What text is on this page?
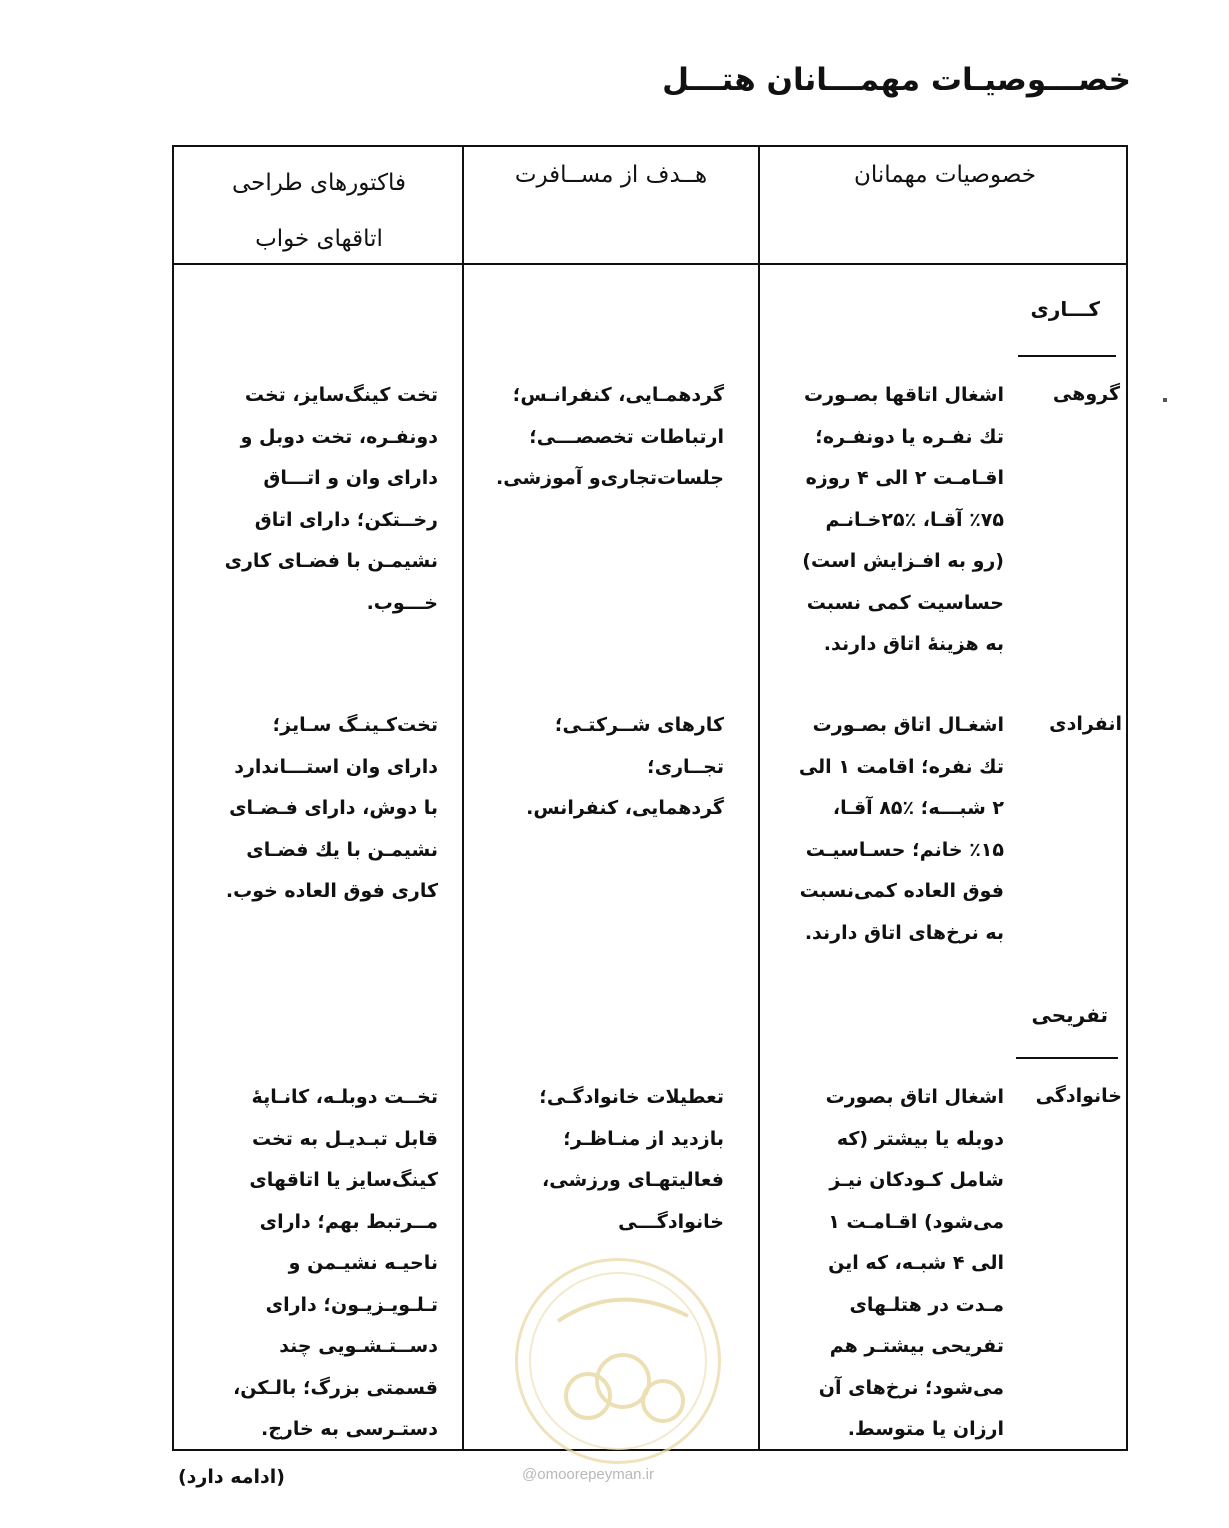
خصـــوصیـات مهمـــانان هتـــل
خصوصیات مهمانان
هــدف از مســافرت
فاکتورهای طراحی
اتاقهای خواب
کـــاری
گروهی
اشغال اتاقها بصـورت
تك نفـره یا دونفـره؛
اقـامـت ۲ الی ۴ روزه
٪۷۵ آقـا، ٪۲۵خـانـم
(رو به افـزایش است)
حساسیت کمی نسبت
به هزینهٔ اتاق دارند.
گردهمـایی، کنفرانـس؛
ارتباطات تخصصـــی؛
جلسات‌تجاری‌و آموزشی.
تخت کینگ‌سایز، تخت
دونفـره، تخت دوبل و
دارای وان و اتـــاق
رخــتکن؛ دارای اتاق
نشیمـن با فضـای کاری
خـــوب.
انفرادی
اشغـال اتاق بصـورت
تك نفره؛ اقامت ۱ الی
۲ شبـــه؛ ٪۸۵ آقـا،
٪۱۵ خانم؛ حسـاسیـت
فوق العاده کمی‌نسبت
به نرخ‌های اتاق دارند.
کارهای شــرکتـی؛
تجــاری؛
گردهمایی، کنفرانس.
تخت‌کـینـگ سـایز؛
دارای وان استـــاندارد
با دوش، دارای فـضـای
نشیمـن با یك فضـای
کاری فوق العاده خوب.
تفریحی
خانوادگی
اشغال اتاق بصورت
دوبله یا بیشتر (که
شامل کـودکان نیـز
می‌شود) اقـامـت ۱
الی ۴ شبـه، که این
مـدت در هتلـهای
تفریحی بیشتـر هم
می‌شود؛ نرخ‌های آن
ارزان یا متوسط.
تعطیلات خانوادگـی؛
بازدید از منـاظـر؛
فعالیتهـای ورزشی،
خانوادگـــی
تخــت دوبلـه، کانـاپهٔ
قابل تبـدیـل به تخت
کینگ‌سایز یا اتاقهای
مــرتبط بهم؛ دارای
ناحیـه نشیـمن و
تـلـویـزیـون؛ دارای
دســتـشـویی چند
قسمتی بزرگ؛ بالـکن،
دستـرسی به خارج.
@omoorepeyman.ir
(ادامه دارد)
